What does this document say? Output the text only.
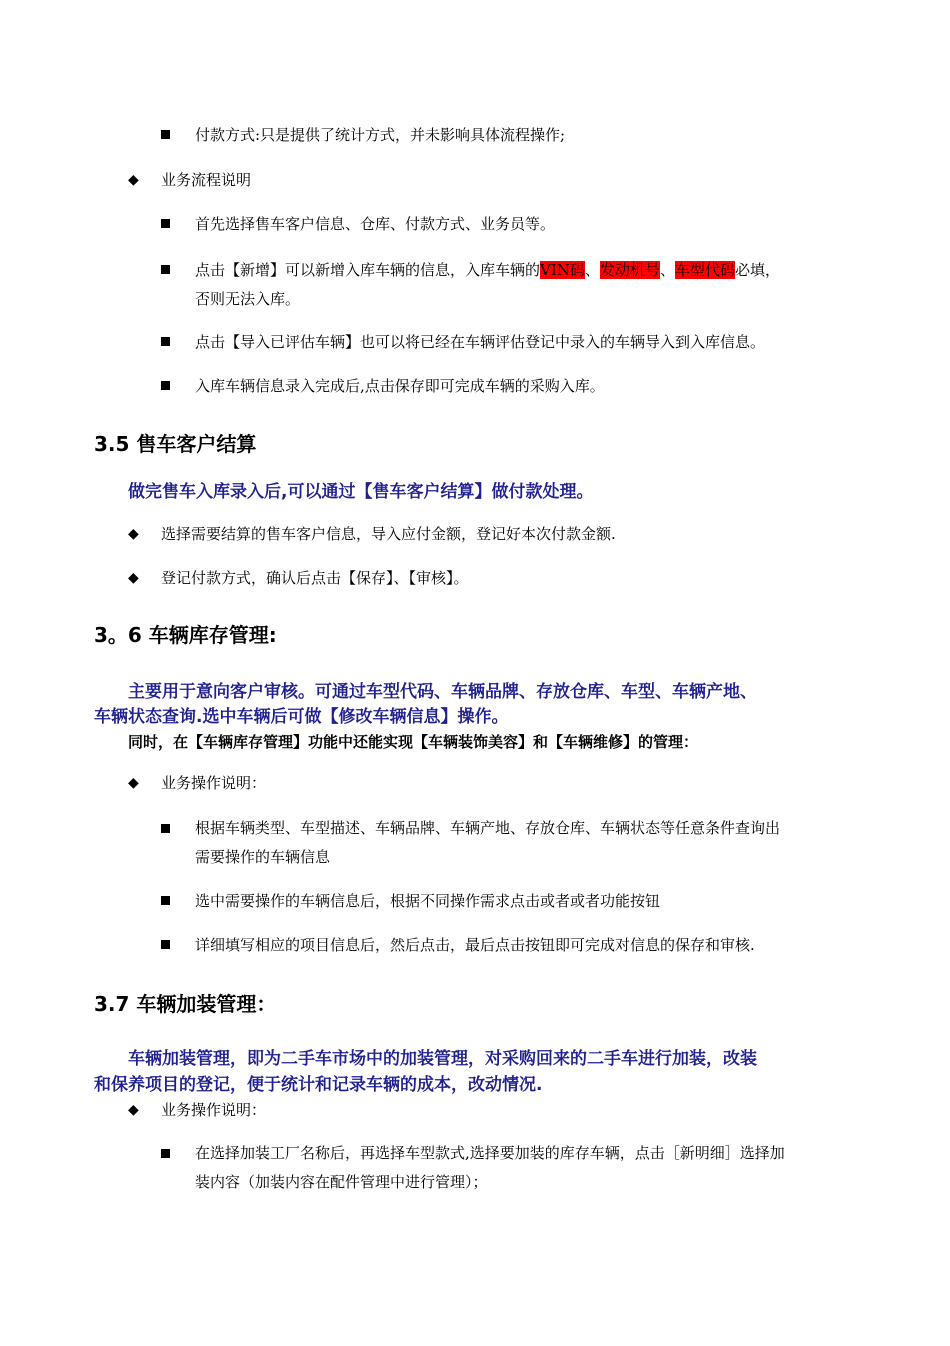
付款方式:只是提供了统计方式，并未影响具体流程操作;
◆ 业务流程说明
首先选择售车客户信息、仓库、付款方式、业务员等。
点击【新增】可以新增入库车辆的信息，入库车辆的VIN码、发动机号、车型代码必填，
否则无法入库。
点击【导入已评估车辆】也可以将已经在车辆评估登记中录入的车辆导入到入库信息。
入库车辆信息录入完成后,点击保存即可完成车辆的采购入库。
3.5 售车客户结算
做完售车入库录入后,可以通过【售车客户结算】做付款处理。
◆ 选择需要结算的售车客户信息，导入应付金额，登记好本次付款金额.
◆ 登记付款方式，确认后点击【保存】、【审核】。
3。6 车辆库存管理:
主要用于意向客户审核。可通过车型代码、车辆品牌、存放仓库、车型、车辆产地、
车辆状态查询.选中车辆后可做【修改车辆信息】操作。
同时，在【车辆库存管理】功能中还能实现【车辆装饰美容】和【车辆维修】的管理：
◆ 业务操作说明：
根据车辆类型、车型描述、车辆品牌、车辆产地、存放仓库、车辆状态等任意条件查询出
需要操作的车辆信息
选中需要操作的车辆信息后，根据不同操作需求点击或者或者功能按钮
详细填写相应的项目信息后，然后点击，最后点击按钮即可完成对信息的保存和审核.
3.7 车辆加装管理：
车辆加装管理，即为二手车市场中的加装管理，对采购回来的二手车进行加装，改装
和保养项目的登记，便于统计和记录车辆的成本，改动情况.
◆ 业务操作说明：
在选择加装工厂名称后，再选择车型款式,选择要加装的库存车辆，点击［新明细］选择加
装内容（加装内容在配件管理中进行管理）；
